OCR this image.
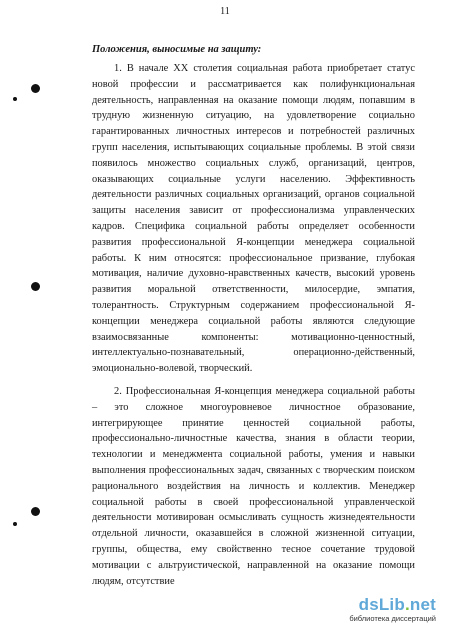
11
Положения, выносимые на защиту:
1. В начале XX столетия социальная работа приобретает статус новой профессии и рассматривается как полифункциональная деятельность, направленная на оказание помощи людям, попавшим в трудную жизненную ситуацию, на удовлетворение социально гарантированных личностных интересов и потребностей различных групп населения, испытывающих социальные проблемы. В этой связи появилось множество социальных служб, организаций, центров, оказывающих социальные услуги населению. Эффективность деятельности различных социальных организаций, органов социальной защиты населения зависит от профессионализма управленческих кадров. Специфика социальной работы определяет особенности развития профессиональной Я-концепции менеджера социальной работы. К ним относятся: профессиональное призвание, глубокая мотивация, наличие духовно-нравственных качеств, высокий уровень развития моральной ответственности, милосердие, эмпатия, толерантность. Структурным содержанием профессиональной Я-концепции менеджера социальной работы являются следующие взаимосвязанные компоненты: мотивационно-ценностный, интеллектуально-познавательный, операционно-действенный, эмоционально-волевой, творческий.
2. Профессиональная Я-концепция менеджера социальной работы – это сложное многоуровневое личностное образование, интегрирующее принятие ценностей социальной работы, профессионально-личностные качества, знания в области теории, технологии и менеджмента социальной работы, умения и навыки выполнения профессиональных задач, связанных с творческим поиском рационального воздействия на личность и коллектив. Менеджер социальной работы в своей профессиональной управленческой деятельности мотивирован осмысливать сущность жизнедеятельности отдельной личности, оказавшейся в сложной жизненной ситуации, группы, общества, ему свойственно тесное сочетание трудовой мотивации с альтруистической, направленной на оказание помощи людям, отсутствие
dsLib.net
библиотека диссертаций
